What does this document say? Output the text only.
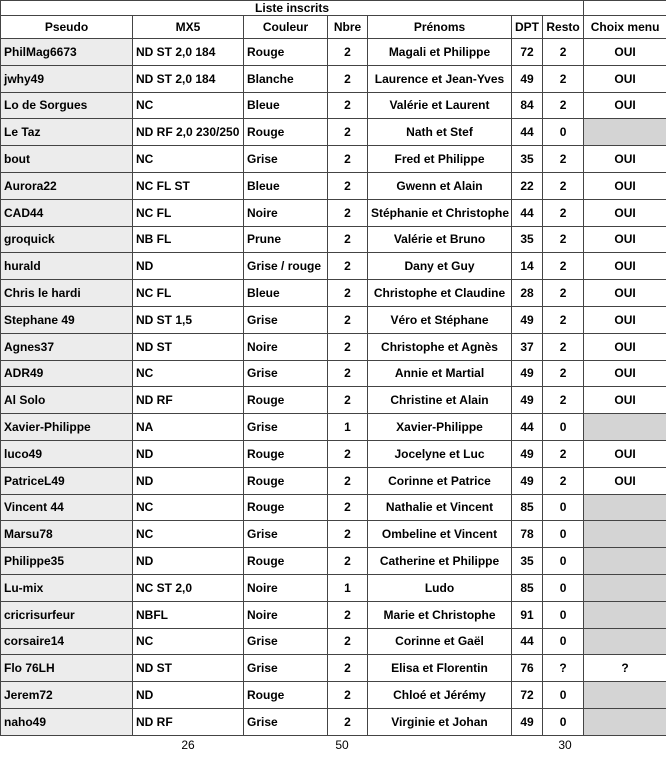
Liste inscrits							
Pseudo	MX5	Couleur	Nbre	Prénoms	DPT	Resto	Choix menu
PhilMag6673	ND ST 2,0 184	Rouge	2	Magali et Philippe	72	2	OUI
jwhy49	ND ST 2,0 184	Blanche	2	Laurence et Jean-Yves	49	2	OUI
Lo de Sorgues	NC	Bleue	2	Valérie et Laurent	84	2	OUI
Le Taz	ND RF 2,0 230/250	Rouge	2	Nath et Stef	44	0	
bout	NC	Grise	2	Fred et Philippe	35	2	OUI
Aurora22	NC FL ST	Bleue	2	Gwenn et Alain	22	2	OUI
CAD44	NC FL	Noire	2	Stéphanie et Christophe	44	2	OUI
groquick	NB FL	Prune	2	Valérie et Bruno	35	2	OUI
hurald	ND	Grise / rouge	2	Dany et Guy	14	2	OUI
Chris le hardi	NC FL	Bleue	2	Christophe et Claudine	28	2	OUI
Stephane 49	ND ST 1,5	Grise	2	Véro et Stéphane	49	2	OUI
Agnes37	ND ST	Noire	2	Christophe et Agnès	37	2	OUI
ADR49	NC	Grise	2	Annie et Martial	49	2	OUI
Al Solo	ND RF	Rouge	2	Christine et Alain	49	2	OUI
Xavier-Philippe	NA	Grise	1	Xavier-Philippe	44	0	
luco49	ND	Rouge	2	Jocelyne et Luc	49	2	OUI
PatriceL49	ND	Rouge	2	Corinne et Patrice	49	2	OUI
Vincent 44	NC	Rouge	2	Nathalie et Vincent	85	0	
Marsu78	NC	Grise	2	Ombeline et Vincent	78	0	
Philippe35	ND	Rouge	2	Catherine et Philippe	35	0	
Lu-mix	NC ST 2,0	Noire	1	Ludo	85	0	
cricrisurfeur	NBFL	Noire	2	Marie et Christophe	91	0	
corsaire14	NC	Grise	2	Corinne et Gaël	44	0	
Flo 76LH	ND ST	Grise	2	Elisa et Florentin	76	?	?
Jerem72	ND	Rouge	2	Chloé et Jérémy	72	0	
naho49	ND RF	Grise	2	Virginie et Johan	49	0	
26	50	30
